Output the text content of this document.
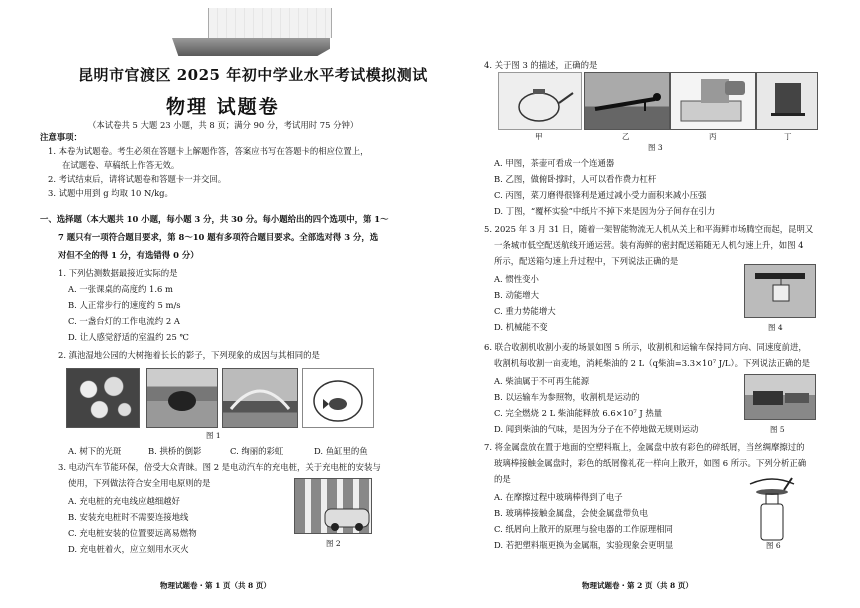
昆明市官渡区 2025 年初中学业水平考试模拟测试
物理 试题卷
（本试卷共 5 大题 23 小题，共 8 页；满分 90 分，考试用时 75 分钟）
注意事项：
1. 本卷为试题卷。考生必须在答题卡上解题作答，答案应书写在答题卡的相应位置上，
在试题卷、草稿纸上作答无效。
2. 考试结束后，请将试题卷和答题卡一并交回。
3. 试题中用到 g 均取 10 N/kg。
一、选择题（本大题共 10 小题，每小题 3 分，共 30 分。每小题给出的四个选项中，第 1～
7 题只有一项符合题目要求，第 8～10 题有多项符合题目要求。全部选对得 3 分，选
对但不全的得 1 分，有选错得 0 分）
1. 下列估测数据最接近实际的是
A. 一张课桌的高度约 1.6 m
B. 人正常步行的速度约 5 m/s
C. 一盏台灯的工作电流约 2 A
D. 让人感觉舒适的室温约 25 ℃
2. 滇池湿地公园的大树拖着长长的影子，下列现象的成因与其相同的是
图 1
A. 树下的光斑	B. 拱桥的倒影	C. 绚丽的彩虹	D. 鱼缸里的鱼
3. 电动汽车节能环保，倍受大众青睐。图 2 是电动汽车的充电桩，关于充电桩的安装与
使用，下列做法符合安全用电原则的是
A. 充电桩的充电线应越细越好
B. 安装充电桩时不需要连接地线
C. 充电桩安装的位置要远离易燃物
D. 充电桩着火，应立刻用水灭火
图 2
物理试题卷・第 1 页（共 8 页）
4. 关于图 3 的描述，正确的是
甲	乙	丙	丁
图 3
A. 甲图，茶壶可看成一个连通器
B. 乙图，做俯卧撑时，人可以看作费力杠杆
C. 丙图，菜刀磨得很锋利是通过减小受力面积来减小压强
D. 丁图，“覆杯实验”中纸片不掉下来是因为分子间存在引力
5. 2025 年 3 月 31 日，随着一架智能物流无人机从关上和平海鲜市场腾空而起，昆明又
一条城市低空配送航线开通运营。装有海鲜的密封配送箱随无人机匀速上升，如图 4
所示，配送箱匀速上升过程中，下列说法正确的是
A. 惯性变小
B. 动能增大
C. 重力势能增大
D. 机械能不变	图 4
6. 联合收割机收割小麦的场景如图 5 所示，收割机和运输车保持同方向、同速度前进，
收割机每收割一亩麦地，消耗柴油的 2 L（q柴油=3.3×10⁷ J/L）。下列说法正确的是
A. 柴油属于不可再生能源
B. 以运输车为参照物，收割机是运动的
C. 完全燃烧 2 L 柴油能释放 6.6×10⁷ J 热量
D. 闻到柴油的气味，是因为分子在不停地做无规则运动	图 5
7. 将金属盘放在置于地面的空塑料瓶上，金属盘中放有彩色的碎纸屑，当丝绸摩擦过的
玻璃棒接触金属盘时，彩色的纸屑像礼花一样向上散开，如图 6 所示。下列分析正确
的是
A. 在摩擦过程中玻璃棒得到了电子
B. 玻璃棒接触金属盘，会使金属盘带负电
C. 纸屑向上散开的原理与验电器的工作原理相同
D. 若把塑料瓶更换为金属瓶，实验现象会更明显	图 6
物理试题卷・第 2 页（共 8 页）
